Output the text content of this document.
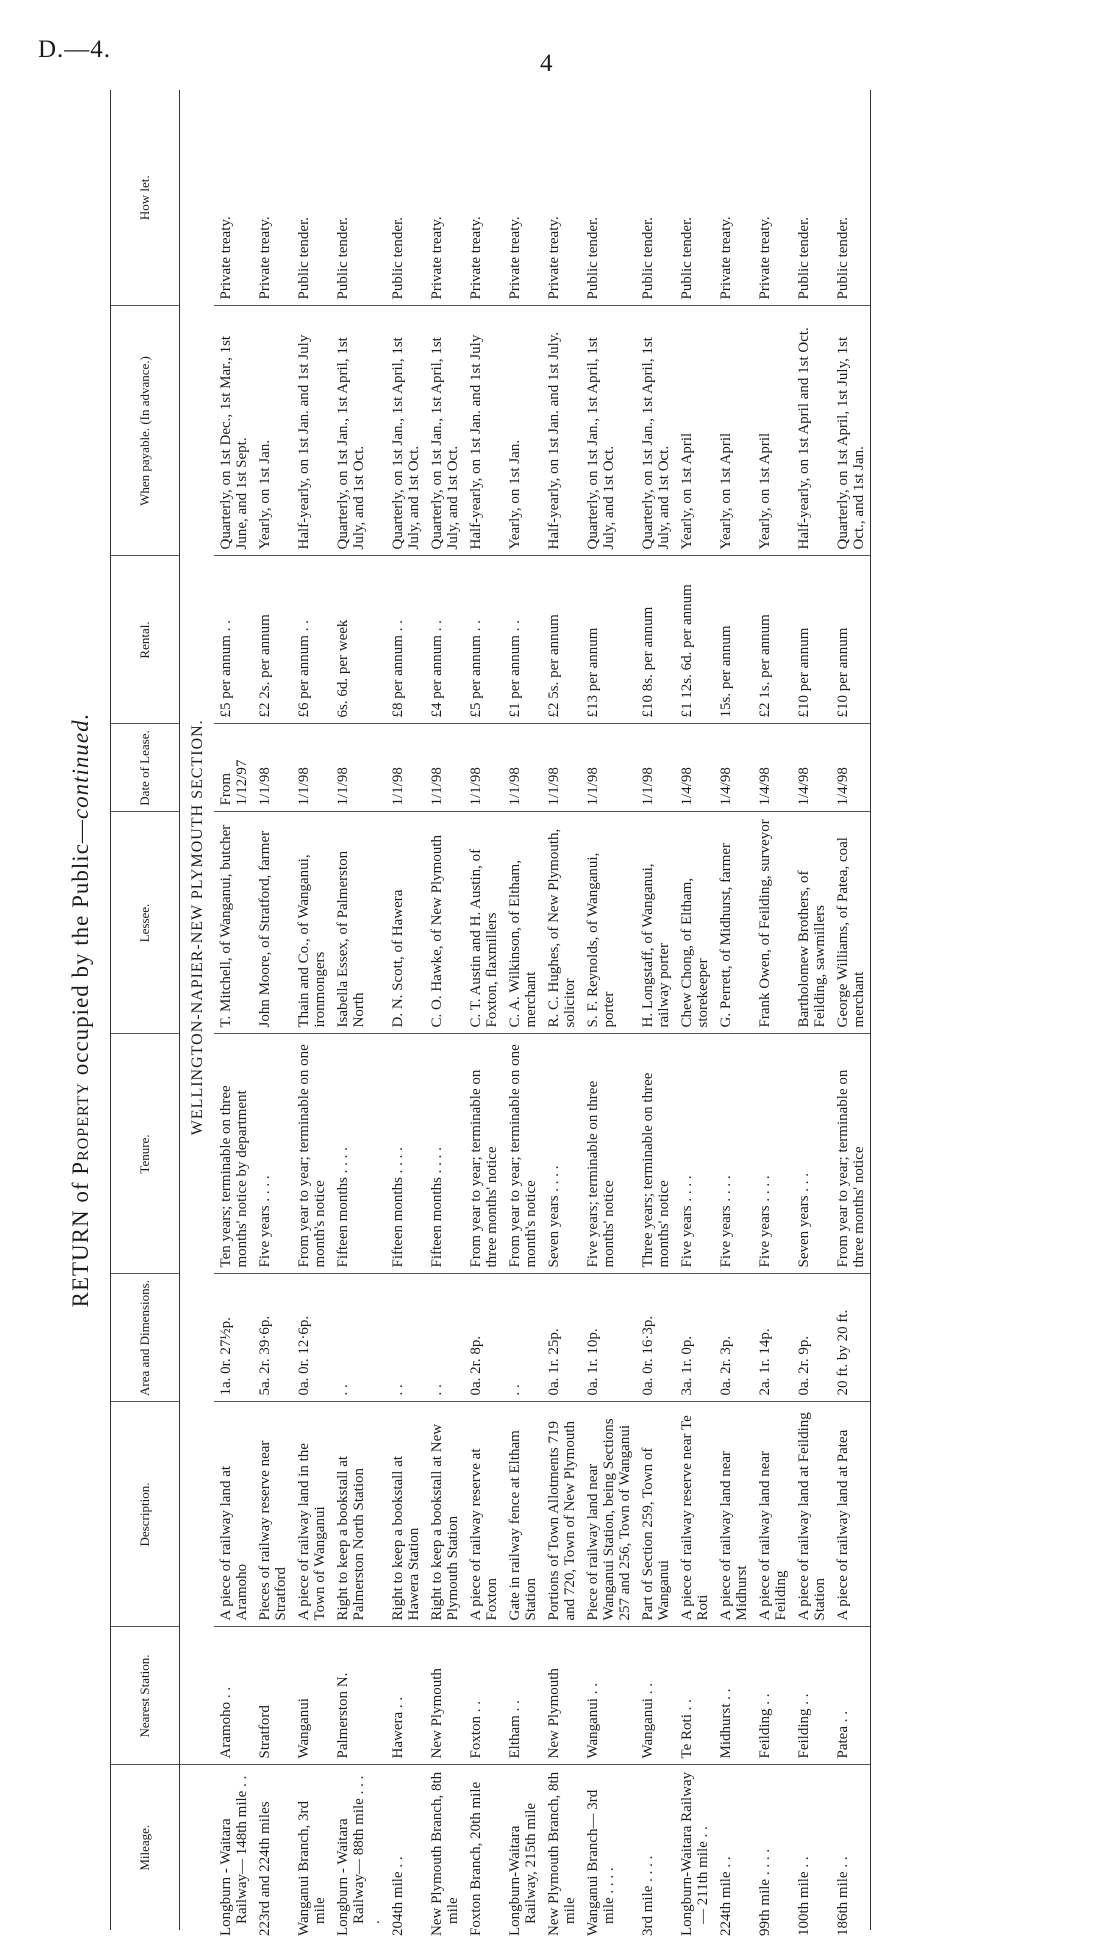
D.—4.
4
RETURN of Property occupied by the Public—continued.
Mileage.	Nearest Station.	Description.	Area and Dimensions.	Tenure.	Lessee.	Date of Lease.	Rental.	When payable. (In advance.)	How let.
	WELLINGTON-NAPIER-NEW PLYMOUTH SECTION.								
Longburn - Waitara Railway— 148th mile . .	Aramoho . .	A piece of railway land at Aramoho	1a. 0r. 27½p.	Ten years; terminable on three months' notice by department	T. Mitchell, of Wanganui, butcher	From 1/12/97	£5 per annum . .	Quarterly, on 1st Dec., 1st Mar., 1st June, and 1st Sept.	Private treaty.
223rd and 224th miles	Stratford	Pieces of railway reserve near Stratford	5a. 2r. 39·6p.	Five years . . . .	John Moore, of Stratford, farmer	1/1/98	£2 2s. per annum	Yearly, on 1st Jan.	Private treaty.
Wanganui Branch, 3rd mile	Wanganui	A piece of railway land in the Town of Wanganui	0a. 0r. 12·6p.	From year to year; terminable on one month's notice	Thain and Co., of Wanganui, ironmongers	1/1/98	£6 per annum . .	Half-yearly, on 1st Jan. and 1st July	Public tender.
Longburn - Waitara Railway— 88th mile . . . .	Palmerston N.	Right to keep a bookstall at Palmerston North Station	. .	Fifteen months . . . .	Isabella Essex, of Palmerston North	1/1/98	6s. 6d. per week	Quarterly, on 1st Jan., 1st April, 1st July, and 1st Oct.	Public tender.
204th mile . .	Hawera . .	Right to keep a bookstall at Hawera Station	. .	Fifteen months . . . .	D. N. Scott, of Hawera	1/1/98	£8 per annum . .	Quarterly, on 1st Jan., 1st April, 1st July, and 1st Oct.	Public tender.
New Plymouth Branch, 8th mile	New Plymouth	Right to keep a bookstall at New Plymouth Station	. .	Fifteen months . . . .	C. O. Hawke, of New Plymouth	1/1/98	£4 per annum . .	Quarterly, on 1st Jan., 1st April, 1st July, and 1st Oct.	Private treaty.
Foxton Branch, 20th mile	Foxton . .	A piece of railway reserve at Foxton	0a. 2r. 8p.	From year to year; terminable on three months' notice	C. T. Austin and H. Austin, of Foxton, flaxmillers	1/1/98	£5 per annum . .	Half-yearly, on 1st Jan. and 1st July	Private treaty.
Longburn-Waitara Railway, 215th mile	Eltham . .	Gate in railway fence at Eltham Station	. .	From year to year; terminable on one month's notice	C. A. Wilkinson, of Eltham, merchant	1/1/98	£1 per annum . .	Yearly, on 1st Jan.	Private treaty.
New Plymouth Branch, 8th mile	New Plymouth	Portions of Town Allotments 719 and 720, Town of New Plymouth	0a. 1r. 25p.	Seven years . . . .	R. C. Hughes, of New Plymouth, solicitor	1/1/98	£2 5s. per annum	Half-yearly, on 1st Jan. and 1st July.	Private treaty.
Wanganui Branch— 3rd mile . . . .	Wanganui . .	Piece of railway land near Wanganui Station, being Sections 257 and 256, Town of Wanganui	0a. 1r. 10p.	Five years; terminable on three months' notice	S. F. Reynolds, of Wanganui, porter	1/1/98	£13 per annum	Quarterly, on 1st Jan., 1st April, 1st July, and 1st Oct.	Public tender.
3rd mile . . . .	Wanganui . .	Part of Section 259, Town of Wanganui	0a. 0r. 16·3p.	Three years; terminable on three months' notice	H. Longstaff, of Wanganui, railway porter	1/1/98	£10 8s. per annum	Quarterly, on 1st Jan., 1st April, 1st July, and 1st Oct.	Public tender.
Longburn-Waitara Railway— 211th mile . .	Te Roti . .	A piece of railway reserve near Te Roti	3a. 1r. 0p.	Five years . . . .	Chew Chong, of Eltham, storekeeper	1/4/98	£1 12s. 6d. per annum	Yearly, on 1st April	Public tender.
224th mile . .	Midhurst . .	A piece of railway land near Midhurst	0a. 2r. 3p.	Five years . . . .	G. Perrett, of Midhurst, farmer	1/4/98	15s. per annum	Yearly, on 1st April	Private treaty.
99th mile . . . .	Feilding . .	A piece of railway land near Feilding	2a. 1r. 14p.	Five years . . . .	Frank Owen, of Feilding, surveyor	1/4/98	£2 1s. per annum	Yearly, on 1st April	Private treaty.
100th mile . .	Feilding . .	A piece of railway land at Feilding Station	0a. 2r. 9p.	Seven years . . .	Bartholomew Brothers, of Feilding, sawmillers	1/4/98	£10 per annum	Half-yearly, on 1st April and 1st Oct.	Public tender.
186th mile . .	Patea . .	A piece of railway land at Patea	20 ft. by 20 ft.	From year to year; terminable on three months' notice	George Williams, of Patea, coal merchant	1/4/98	£10 per annum	Quarterly, on 1st April, 1st July, 1st Oct., and 1st Jan.	Public tender.
